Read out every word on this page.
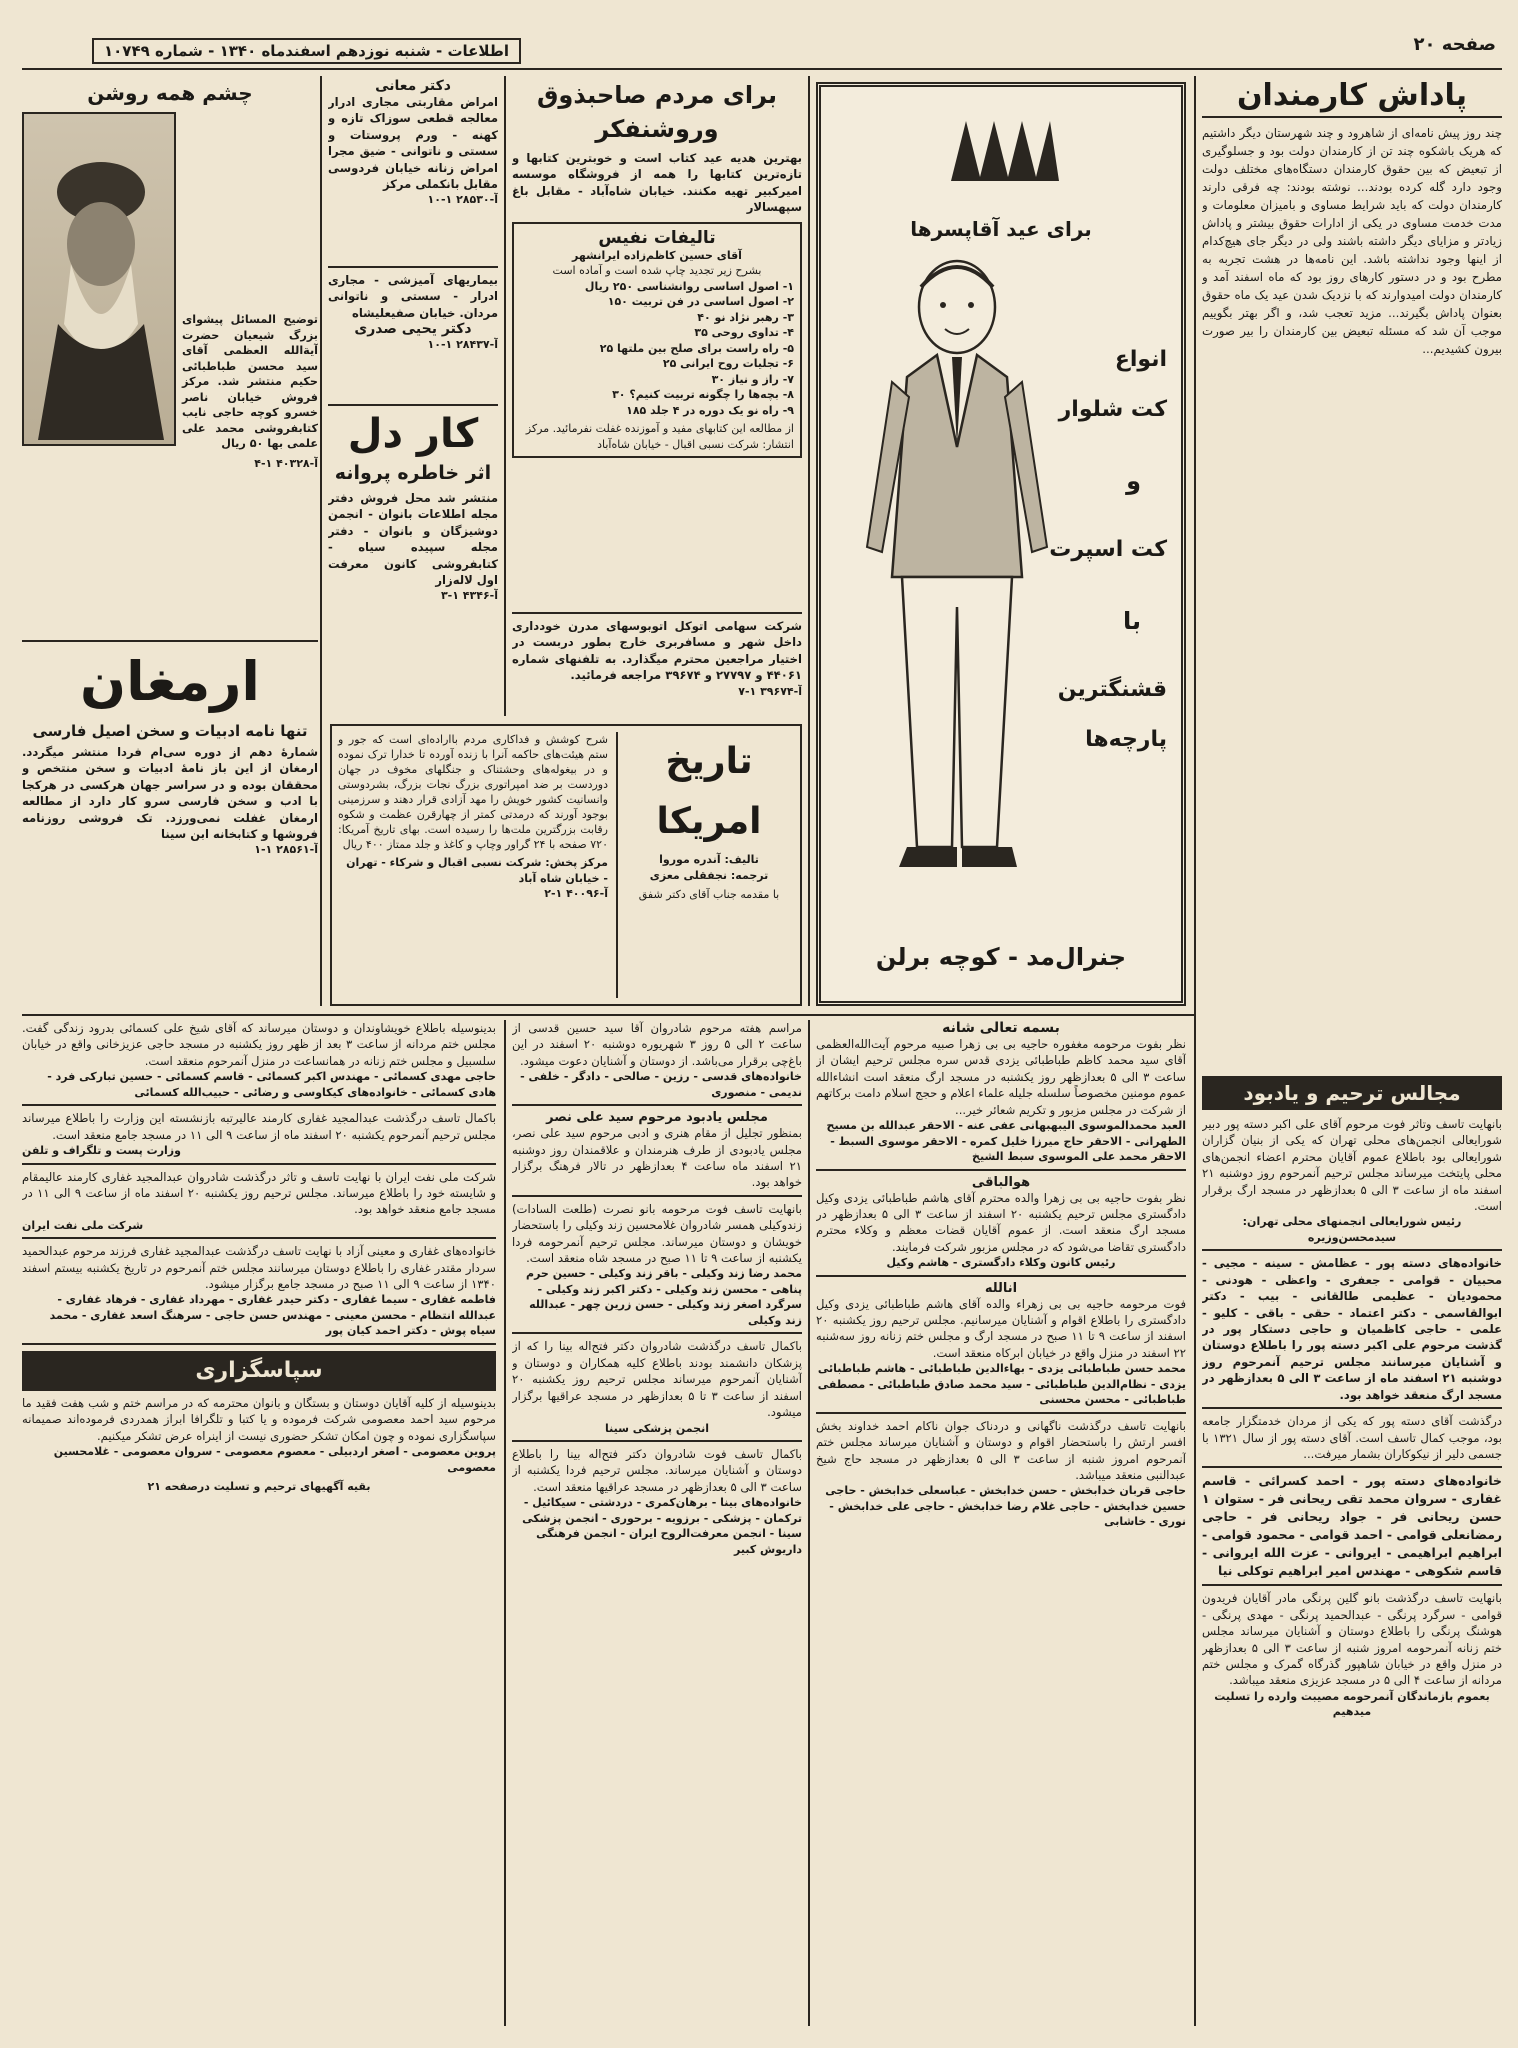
صفحه ۲۰
اطلاعات - شنبه نوزدهم اسفندماه ۱۳۴۰ - شماره ۱۰۷۴۹
پاداش کارمندان
چند روز پیش نامه‌ای از شاهرود و چند شهرستان دیگر داشتیم که هریک باشکوه چند تن از کارمندان دولت بود و جسلوگیری از تبعیض که بین حقوق کارمندان دستگاه‌های مختلف دولت وجود دارد گله کرده بودند... نوشته بودند: چه فرقی دارند کارمندان دولت که باید شرایط مساوی و بامیزان معلومات و مدت خدمت مساوی در یکی از ادارات حقوق بیشتر و پاداش زیادتر و مزایای دیگر داشته باشند ولی در دیگر جای هیچ‌کدام از اینها وجود نداشته باشد. این نامه‌ها در هشت تجربه به مطرح بود و در دستور کارهای روز بود که ماه اسفند آمد و کارمندان دولت امیدوارند که با نزدیک شدن عید یک ماه حقوق بعنوان پاداش بگیرند... مزید تعجب شد، و اگر بهتر بگوییم موجب آن شد که مسئله تبعیض بین کارمندان را بیر صورت بیرون کشیدیم...
مجالس ترحیم و یادبود
بانهایت تاسف وتاثر فوت مرحوم آقای علی اکبر دسته پور دبیر شورایعالی انجمن‌های محلی تهران که یکی از بنیان گزاران شورایعالی بود باطلاع عموم آقایان محترم اعضاء انجمن‌های محلی پایتخت میرساند مجلس ترحیم آنمرحوم روز دوشنبه ۲۱ اسفند ماه از ساعت ۳ الی ۵ بعدازظهر در مسجد ارگ برقرار است.
رئیس شورایعالی انجمنهای محلی تهران: سیدمحسن‌وزیره
خانواده‌های دسته پور - عظامش - سینه - مجیی - محبیان - قوامی - جعفری - واعظی - هودنی - محمودیان - عظیمی طالقانی - بیب - دکتر ابوالقاسمی - دکتر اعتماد - حقی - باقی - کلیو - علمی - حاجی کاظمیان و حاجی دستکار پور در گذشت مرحوم علی اکبر دسته پور را باطلاع دوستان و آشنایان میرسانند مجلس ترحیم آنمرحوم روز دوشنبه ۲۱ اسفند ماه از ساعت ۳ الی ۵ بعدازظهر در مسجد ارگ منعقد خواهد بود.
درگذشت آقای دسته پور که یکی از مردان خدمتگزار جامعه بود، موجب کمال تاسف است. آقای دسته پور از سال ۱۳۲۱ با جسمی دلیر از نیکوکاران بشمار میرفت...
خانواده‌های دسته پور - احمد کسرائی - قاسم غفاری - سروان محمد تقی ریحانی فر - ستوان ۱ حسن ریحانی فر - جواد ریحانی فر - حاجی رمضانعلی قوامی - احمد قوامی - محمود قوامی - ابراهیم ابراهیمی - ایروانی - عزت الله ایروانی - قاسم شکوهی - مهندس امیر ابراهیم توکلی نیا
بانهایت تاسف درگذشت بانو گلین پرنگی مادر آقایان فریدون قوامی - سرگرد پرنگی - عبدالحمید پرنگی - مهدی پرنگی - هوشنگ پرنگی را باطلاع دوستان و آشنایان میرساند مجلس ختم زنانه آنمرحومه امروز شنبه از ساعت ۳ الی ۵ بعدازظهر در منزل واقع در خیابان شاهپور گذرگاه گمرک و مجلس ختم مردانه از ساعت ۴ الی ۵ در مسجد عزیزی منعقد میباشد.
بعموم بازماندگان آنمرحومه مصیبت وارده را تسلیت میدهیم
برای عید آقاپسرها
انواع
کت شلوار
و
کت اسپرت
با
قشنگترین
پارچه‌ها
جنرال‌مد - کوچه برلن
برای مردم صاحبذوق
وروشنفکر
بهترین هدیه عید کتاب است و خوبترین کتابها و تازه‌ترین کتابها را همه از فروشگاه موسسه امیرکبیر تهیه مکنند. خیابان شاه‌آباد - مقابل باغ سپهسالار
تالیفات نفیس
آقای حسین کاظم‌زاده ایرانشهر
بشرح زیر تجدید چاپ شده است و آماده است
۱- اصول اساسی روانشناسی ۲۵۰ ریال
۲- اصول اساسی در فن تربیت ۱۵۰
۳- رهبر نژاد نو ۴۰
۴- تداوی روحی ۳۵
۵- راه راست برای صلح بین ملتها ۲۵
۶- تجلیات روح ایرانی ۲۵
۷- راز و نیاز ۳۰
۸- بچه‌ها را چگونه تربیت کنیم؟ ۳۰
۹- راه نو یک دوره در ۴ جلد ۱۸۵
از مطالعه این کتابهای مفید و آموزنده غفلت نفرمائید. مرکز انتشار: شرکت نسبی اقبال - خیابان شاه‌آباد
شرکت سهامی اتوکل اتوبوسهای مدرن خودداری داخل شهر و مسافربری خارج بطور دربست در اختیار مراجعین محترم میگذارد. به تلفنهای شماره ۴۴۰۶۱ و ۲۷۷۹۷ و ۳۹۶۷۴ مراجعه فرمائید.
آ-۳۹۶۷۴ ۱-۷
دکتر معانی
امراض مقاربتی مجاری ادرار معالجه قطعی سوزاک تازه و کهنه - ورم پروستات و سستی و ناتوانی - ضیق مجرا امراض زنانه خیابان فردوسی مقابل بانکملی مرکز
آ-۲۸۵۳۰ ۱-۱۰
بیماریهای آمیزشی - مجاری ادرار - سستی و ناتوانی مردان. خیابان صفیعلیشاه
دکتر یحیی صدری
آ-۲۸۴۳۷ ۱-۱۰
کار دل
اثر خاطره پروانه
منتشر شد محل فروش دفتر مجله اطلاعات بانوان - انجمن دوشیزگان و بانوان - دفتر مجله سپیده سیاه - کتابفروشی کانون معرفت اول لاله‌زار
آ-۴۳۴۶ ۱-۳
چشم همه روشن
توضیح المسائل پیشوای بزرگ شیعیان حضرت آیةالله العظمی آقای سید محسن طباطبائی حکیم منتشر شد. مرکز فروش خیابان ناصر خسرو کوچه حاجی نایب کتابفروشی محمد علی علمی بها ۵۰ ریال
آ-۴۰۳۲۸ ۱-۴
ارمغان
تنها نامه ادبیات و سخن اصیل فارسی
شمارهٔ دهم از دوره سی‌ام فردا منتشر میگردد. ارمغان از این باز نامهٔ ادبیات و سخن منتخص و محققان بوده و در سراسر جهان هرکسی در هرکجا با ادب و سخن فارسی سرو کار دارد از مطالعه ارمغان غفلت نمی‌ورزد. تک فروشی روزنامه فروشها و کتابخانه ابن سینا
آ-۲۸۵۶۱ ۱-۱
تاریخ امریکا
تالیف: آندره موروا
ترجمه: نجفقلی معزی
با مقدمه جناب آقای دکتر شفق
شرح کوشش و فداکاری مردم بااراده‌ای است که جور و ستم هیئت‌های حاکمه آنرا با زنده آورده تا خدارا ترک نموده و در بیغوله‌های وحشتناک و جنگلهای مخوف در جهان دوردست بر ضد امپراتوری بزرگ نجات بزرگ، بشردوستی وانسانیت کشور خویش را مهد آزادی قرار دهند و سرزمینی بوجود آورند که درمدتی کمتر از چهارقرن عظمت و شکوه رقابت بزرگترین ملت‌ها را رسیده است. بهای تاریخ آمریکا: ۷۲۰ صفحه با ۲۴ گراور وچاپ و کاغذ و جلد ممتاز ۴۰۰ ریال
مرکز پخش: شرکت نسبی اقبال و شرکاء - تهران - خیابان شاه آباد
آ-۴۰۰۹۶ ۱-۲
بسمه تعالی شانه
نظر بفوت مرحومه مغفوره حاجیه بی بی زهرا صبیه مرحوم آیت‌الله‌العظمی آقای سید محمد کاظم طباطبائی یزدی قدس سره مجلس ترحیم ایشان از ساعت ۳ الی ۵ بعدازظهر روز یکشنبه در مسجد ارگ منعقد است انشاءالله عموم مومنین مخصوصاً سلسله جلیله علماء اعلام و حجج اسلام دامت برکاتهم از شرکت در مجلس مزبور و تکریم شعائر خیر...
العبد محمدالموسوی الیبهبهانی عفی عنه - الاحقر عبدالله بن مسیح الطهرانی - الاحقر حاج میرزا خلیل کمره - الاحقر موسوی السبط - الاحقر محمد علی الموسوی سبط الشیخ
هوالباقی
نظر بفوت حاجیه بی بی زهرا والده محترم آقای هاشم طباطبائی یزدی وکیل دادگستری مجلس ترحیم یکشنبه ۲۰ اسفند از ساعت ۳ الی ۵ بعدازظهر در مسجد ارگ منعقد است. از عموم آقایان قضات معظم و وکلاء محترم دادگستری تقاضا می‌شود که در مجلس مزبور شرکت فرمایند.
رئیس کانون وکلاء دادگستری - هاشم وکیل
انالله
فوت مرحومه حاجیه بی بی زهراء والده آقای هاشم طباطبائی یزدی وکیل دادگستری را باطلاع اقوام و آشنایان میرسانیم. مجلس ترحیم روز یکشنبه ۲۰ اسفند از ساعت ۹ تا ۱۱ صبح در مسجد ارگ و مجلس ختم زنانه روز سه‌شنبه ۲۲ اسفند در منزل واقع در خیابان ابرکاه منعقد است.
محمد حسن طباطبائی یزدی - بهاءالدین طباطبائی - هاشم طباطبائی یزدی - نظام‌الدین طباطبائی - سید محمد صادق طباطبائی - مصطفی طباطبائی - محسن محسنی
بانهایت تاسف درگذشت ناگهانی و دردناک جوان ناکام احمد خداوند بخش افسر ارتش را باستحضار اقوام و دوستان و آشنایان میرساند مجلس ختم آنمرحوم امروز شنبه از ساعت ۳ الی ۵ بعدازظهر در مسجد حاج شیخ عبدالنبی منعقد میباشد.
حاجی قربان خدابخش - حسن خدابخش - عباسعلی خدابخش - حاجی حسین خدابخش - حاجی غلام رضا خدابخش - حاجی علی خدابخش - نوری - خاشابی
مراسم هفته مرحوم شادروان آقا سید حسین قدسی از ساعت ۲ الی ۵ روز ۳ شهریوره دوشنبه ۲۰ اسفند در این باغ‌چی برقرار می‌باشد. از دوستان و آشنایان دعوت میشود.
خانواده‌های قدسی - رزین - صالحی - دادگر - خلفی - ندیمی - منصوری
مجلس یادبود مرحوم سید علی نصر
بمنظور تجلیل از مقام هنری و ادبی مرحوم سید علی نصر، مجلس یادبودی از طرف هنرمندان و علاقمندان روز دوشنبه ۲۱ اسفند ماه ساعت ۴ بعدازظهر در تالار فرهنگ برگزار خواهد بود.
بانهایت تاسف فوت مرحومه بانو نصرت (طلعت السادات) زندوکیلی همسر شادروان غلامحسین زند وکیلی را باستحضار خویشان و دوستان میرساند. مجلس ترحیم آنمرحومه فردا یکشنبه از ساعت ۹ تا ۱۱ صبح در مسجد شاه منعقد است.
محمد رضا زند وکیلی - باقر زند وکیلی - حسین حرم پناهی - محسن زند وکیلی - دکتر اکبر زند وکیلی - سرگرد اصغر زند وکیلی - حسن زرین چهر - عبدالله زند وکیلی
باکمال تاسف درگذشت شادروان دکتر فتح‌اله بینا را که از پزشکان دانشمند بودند باطلاع کلیه همکاران و دوستان و آشنایان آنمرحوم میرساند مجلس ترحیم روز یکشنبه ۲۰ اسفند از ساعت ۳ تا ۵ بعدازظهر در مسجد عراقیها برگزار میشود.
انجمن پزشکی سینا
باکمال تاسف فوت شادروان دکتر فتح‌اله بینا را باطلاع دوستان و آشنایان میرساند. مجلس ترحیم فردا یکشنبه از ساعت ۳ الی ۵ بعدازظهر در مسجد عراقیها منعقد است.
خانواده‌های بینا - برهان‌کمری - دردشتی - سیکائیل - ترکمان - پزشکی - برزویه - برحوری - انجمن پزشکی سینا - انجمن معرفت‌الروح ایران - انجمن فرهنگی داریوش کبیر
بدینوسیله باطلاع خویشاوندان و دوستان میرساند که آقای شیخ علی کسمائی بدرود زندگی گفت. مجلس ختم مردانه از ساعت ۳ بعد از ظهر روز یکشنبه در مسجد حاجی عزیزخانی واقع در خیابان سلسبیل و مجلس ختم زنانه در همانساعت در منزل آنمرحوم منعقد است.
حاجی مهدی کسمائی - مهندس اکبر کسمائی - قاسم کسمائی - حسین تبارکی فرد - هادی کسمائی - خانواده‌های کیکاوسی و رضائی - حبیب‌الله کسمائی
باکمال تاسف درگذشت عبدالمجید غفاری کارمند عالیرتبه بازنشسته این وزارت را باطلاع میرساند مجلس ترحیم آنمرحوم یکشنبه ۲۰ اسفند ماه از ساعت ۹ الی ۱۱ در مسجد جامع منعقد است.
وزارت پست و تلگراف و تلفن
شرکت ملی نفت ایران با نهایت تاسف و تاثر درگذشت شادروان عبدالمجید غفاری کارمند عالیمقام و شایسته خود را باطلاع میرساند. مجلس ترحیم روز یکشنبه ۲۰ اسفند ماه از ساعت ۹ الی ۱۱ در مسجد جامع منعقد خواهد بود.
شرکت ملی نفت ایران
خانواده‌های غفاری و معینی آزاد با نهایت تاسف درگذشت عبدالمجید غفاری فرزند مرحوم عبدالحمید سردار مقتدر غفاری را باطلاع دوستان میرسانند مجلس ختم آنمرحوم در تاریخ یکشنبه بیستم اسفند ۱۳۴۰ از ساعت ۹ الی ۱۱ صبح در مسجد جامع برگزار میشود.
فاطمه غفاری - سیما غفاری - دکتر حیدر غفاری - مهرداد غفاری - فرهاد غفاری - عبدالله انتظام - محسن معینی - مهندس حسن حاجی - سرهنگ اسعد غفاری - محمد سیاه پوش - دکتر احمد کیان پور
سپاسگزاری
بدینوسیله از کلیه آقایان دوستان و بستگان و بانوان محترمه که در مراسم ختم و شب هفت فقید ما مرحوم سید احمد معصومی شرکت فرموده و یا کتبا و تلگرافا ابراز همدردی فرموده‌اند صمیمانه سپاسگزاری نموده و چون امکان تشکر حضوری نیست از اینراه عرض تشکر میکنیم.
پروین معصومی - اصغر اردبیلی - معصوم معصومی - سروان معصومی - غلامحسین معصومی
بقیه آگهیهای ترحیم و تسلیت درصفحه ۲۱
